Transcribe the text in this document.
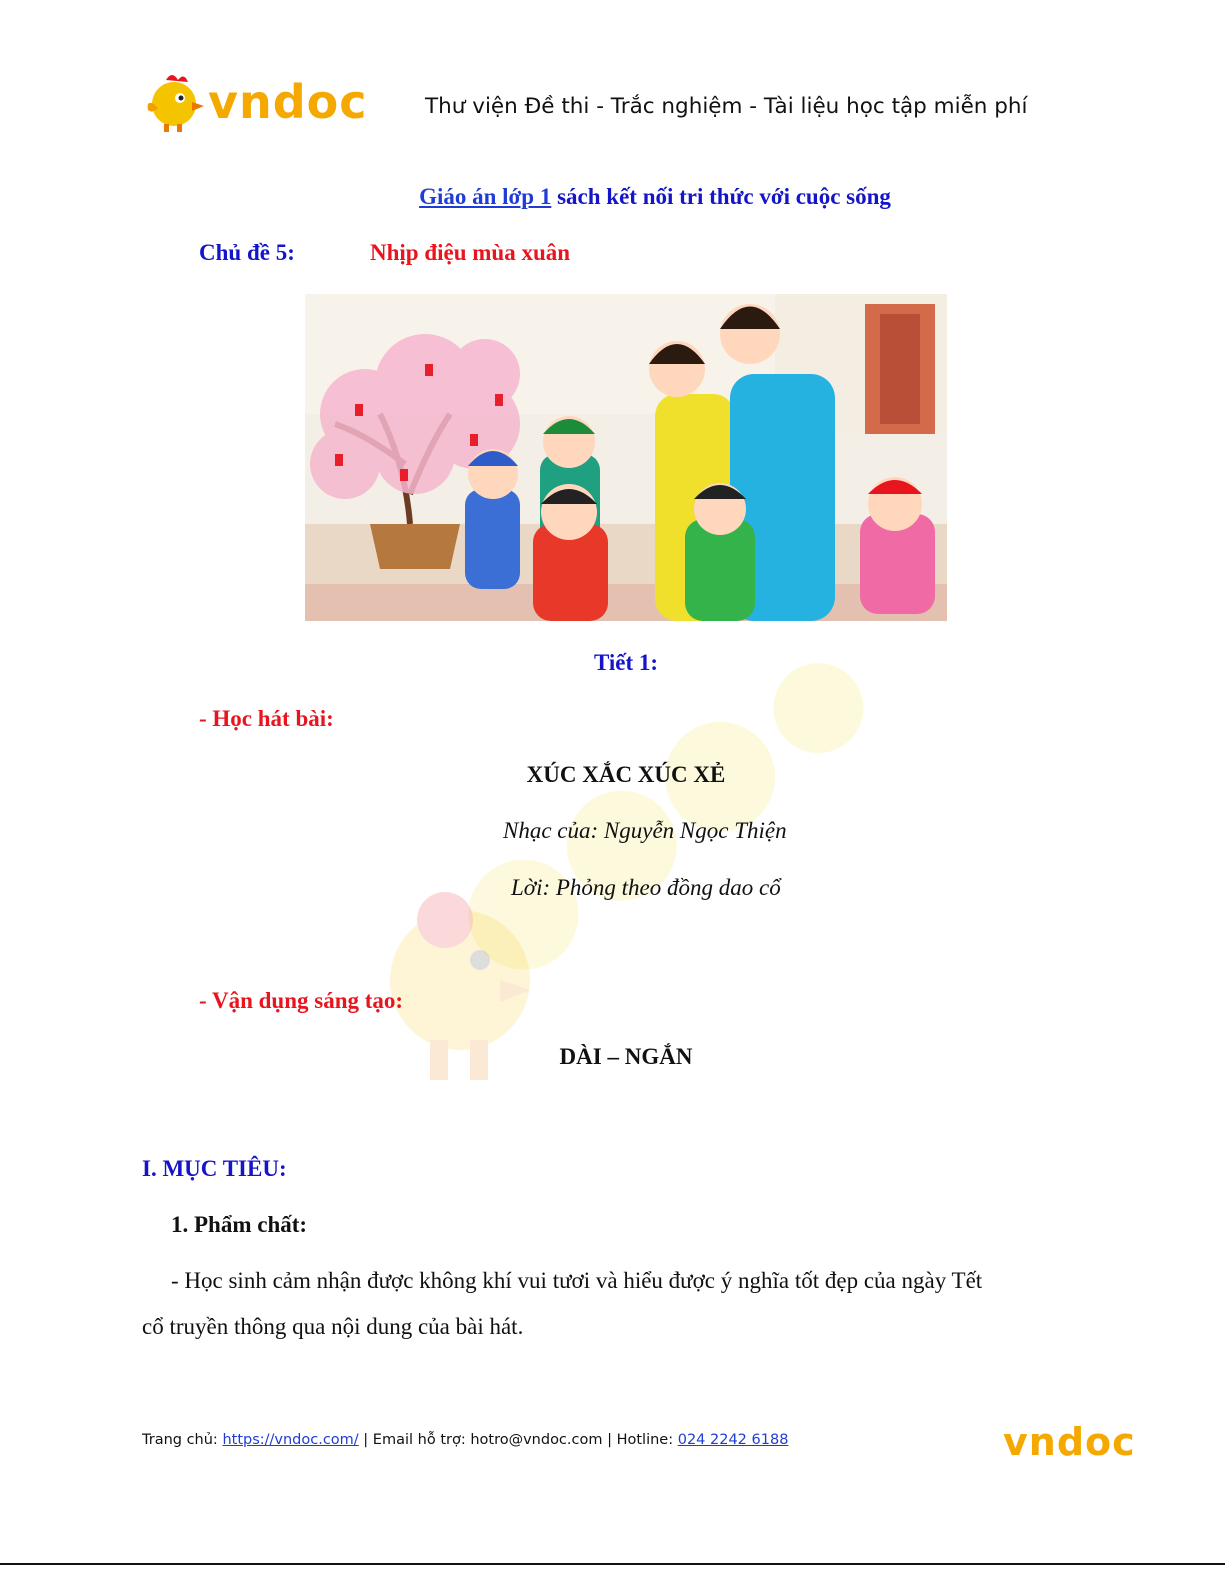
vndoc	Thư viện Đề thi - Trắc nghiệm - Tài liệu học tập miễn phí
Giáo án lớp 1 sách kết nối tri thức với cuộc sống
Chủ đề 5:	Nhịp điệu mùa xuân
Tiết 1:
- Học hát bài:
XÚC XẮC XÚC XẺ
Nhạc của: Nguyễn Ngọc Thiện
Lời: Phỏng theo đồng dao cổ
- Vận dụng sáng tạo:
DÀI – NGẮN
I. MỤC TIÊU:
1. Phẩm chất:
- Học sinh cảm nhận được không khí vui tươi và hiểu được ý nghĩa tốt đẹp của ngày Tết
cổ truyền thông qua nội dung của bài hát.
Trang chủ: https://vndoc.com/ | Email hỗ trợ: hotro@vndoc.com | Hotline: 024 2242 6188	vndoc
